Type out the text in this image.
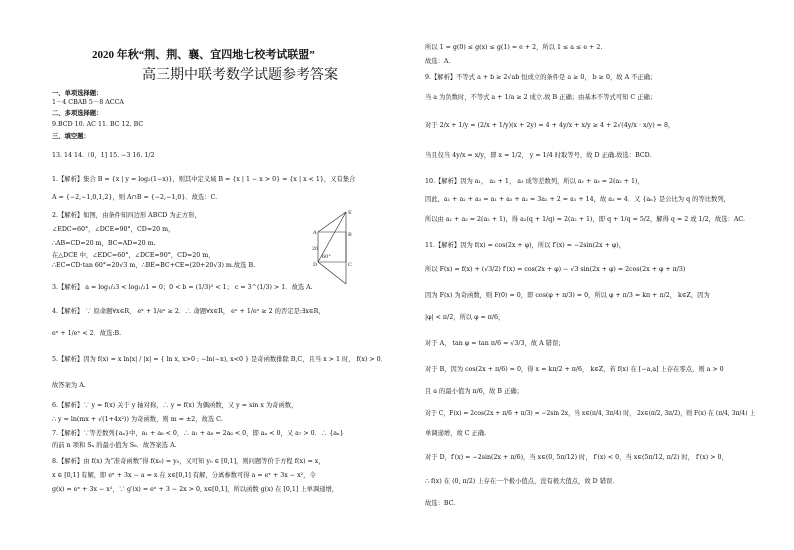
2020 年秋“荆、荆、襄、宜四地七校考试联盟”
高三期中联考数学试题参考答案
一、单项选择题：
1－4 CBAB 5－8 ACCA
二、多项选择题：
9.BCD 10. AC 11. BC 12. BC
三、填空题：
13. 14 14.（0，1] 15. −3 16. 1/2
1.【解析】集合 B = {x | y = log₂(1−x)}，则其中定义域 B = {x | 1 − x > 0} = {x | x < 1}，又有集合
A = {−2,−1,0,1,2}，则 A∩B = {−2,−1,0}．故选：C.
2.【解析】如图，由条件知四边形 ABCD 为正方形，
∠EDC=60°，∠DCE=90°，CD=20 m，
∴AB=CD=20 m，BC=AD=20 m.
在△DCE 中，∠EDC=60°，∠DCE=90°，CD=20 m，
∴EC=CD·tan 60°=20√3 m，∴BE=BC+CE=(20+20√3) m.故选 B.
3.【解析】 a = log₁/₂3 < log₁/₂1 = 0；0 < b = (1/3)² < 1； c = 3^(1/3) > 1．故选 A.
4.【解析】 ∵ 原命题∀x∈R， eˣ + 1/eˣ ≥ 2．∴ 命题∀x∈R， eˣ + 1/eˣ ≥ 2 的否定是:∃x∈R，
eˣ + 1/eˣ < 2．故选:B.
5.【解析】因为 f(x) = x ln|x| / |x| = { ln x, x>0 ; −ln(−x), x<0 } 是奇函数排除 B,C，且当 x > 1 时， f(x) > 0．
故答案为 A.
6.【解析】∵ y = f(x) 关于 y 轴对称，∴ y = f(x) 为偶函数，又 y = sin x 为奇函数，
∴ y = ln(mx + √(1+4x²)) 为奇函数，则 m = ±2，故选 C.
7.【解析】∵等差数列{aₙ}中，a₁ + a₆ < 0，∴ a₁ + a₆ = 2a₆ < 0，即 aₙ < 0，又 a₇ > 0．∴ {aₙ}
的前 n 项和 Sₙ 的最小值为 S₆．故答案选 A.
8.【解析】由 f(x) 为“准奇函数”得 f(x₀) = y₀，又可知 y₀ ∈ [0,1]，则问题等价于方程 f(x) = x，
x ∈ [0,1] 有解，即 eˣ + 3x − a = x 在 x∈[0,1] 有解，分离参数可得 a = eˣ + 3x − x²，令
g(x) = eˣ + 3x − x²，∵ g′(x) = eˣ + 3 − 2x > 0, x∈[0,1]，所以函数 g(x) 在 [0,1] 上单调递增，
E
A
D
B
C
60°
20
所以 1 = g(0) ≤ g(x) ≤ g(1) = e + 2，所以 1 ≤ a ≤ e + 2.
故选：A.
9.【解析】不等式 a + b ≥ 2√ab 恒成立的条件是 a ≥ 0， b ≥ 0，故 A 不正确；
当 a 为负数时，不等式 a + 1/a ≥ 2 成立.故 B 正确；由基本不等式可知 C 正确；
对于 2/x + 1/y = (2/x + 1/y)(x + 2y) = 4 + 4y/x + x/y ≥ 4 + 2√(4y/x · x/y) = 8，
当且仅当 4y/x = x/y，即 x = 1/2， y = 1/4 时取等号，故 D 正确.故选：BCD.
10.【解析】因为 a₁， a₂ + 1， a₃ 成等差数列，所以 a₁ + a₃ = 2(a₂ + 1)，
因此，a₁ + a₂ + a₃ = a₁ + a₃ + a₂ = 3a₂ + 2 = a₁ + 14，故 a₂ = 4．又 {aₙ} 是公比为 q 的等比数列，
所以由 a₁ + a₃ = 2(a₂ + 1)，得 a₂(q + 1/q) = 2(a₂ + 1)，即 q + 1/q = 5/2，解得 q = 2 或 1/2，故选：AC.
11.【解析】因为 f(x) = cos(2x + φ)，所以 f′(x) = −2sin(2x + φ)，
所以 F(x) = f(x) + (√3/2) f′(x) = cos(2x + φ) − √3 sin(2x + φ) = 2cos(2x + φ + π/3)
因为 F(x) 为奇函数，则 F(0) = 0，即 cos(φ + π/3) = 0，所以 φ + π/3 = kπ + π/2， k∈Z，因为
|φ| < π/2，所以 φ = π/6，
对于 A， tan φ = tan π/6 = √3/3，故 A 错误；
对于 B，因为 cos(2x + π/6) = 0，得 x = kπ/2 + π/6， k∈Z，若 f(x) 在 [−a,a] 上存在零点，则 a > 0
且 a 的最小值为 π/6，故 B 正确；
对于 C，F(x) = 2cos(2x + π/6 + π/3) = −2sin 2x，当 x∈(π/4, 3π/4) 时， 2x∈(π/2, 3π/2)，则 F(x) 在 (π/4, 3π/4) 上
单调递增，故 C 正确.
对于 D，f′(x) = −2sin(2x + π/6)，当 x∈(0, 5π/12) 时， f′(x) < 0，当 x∈(5π/12, π/2) 时， f′(x) > 0，
∴ f(x) 在 (0, π/2) 上存在一个极小值点，没有极大值点，故 D 错误.
故选：BC.
